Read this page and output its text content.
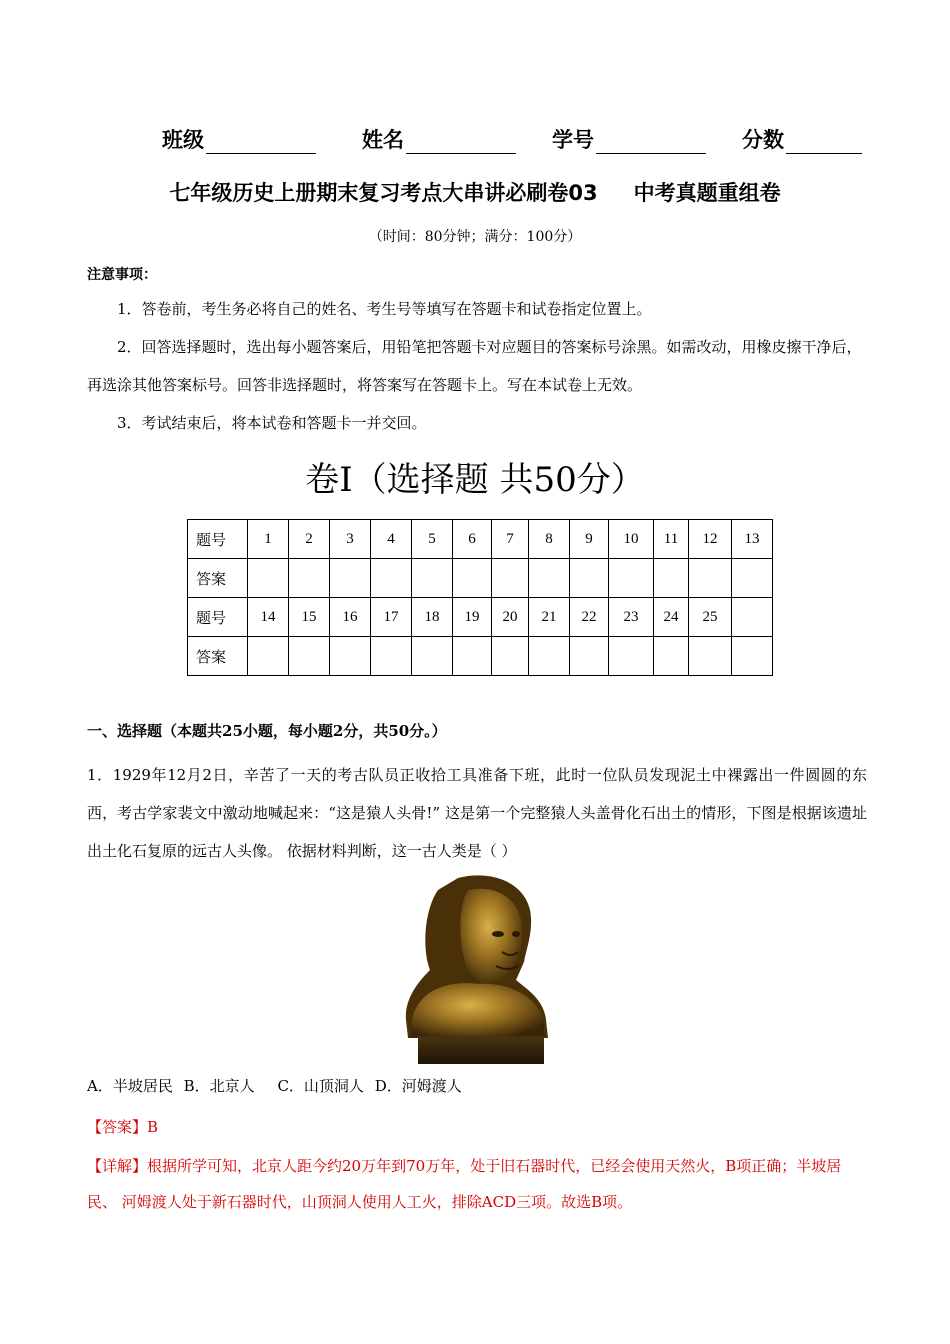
班级	姓名	学号	分数
七年级历史上册期末复习考点大串讲必刷卷03 中考真题重组卷
（时间：80分钟；满分：100分）
注意事项：
1．答卷前，考生务必将自己的姓名、考生号等填写在答题卡和试卷指定位置上。
2．回答选择题时，选出每小题答案后，用铅笔把答题卡对应题目的答案标号涂黑。如需改动，用橡皮擦干净后，再选涂其他答案标号。回答非选择题时，将答案写在答题卡上。写在本试卷上无效。
3．考试结束后，将本试卷和答题卡一并交回。
卷Ⅰ（选择题 共50分）
题号	1	2	3	4	5	6	7	8	9	10	11	12	13
答案													
题号	14	15	16	17	18	19	20	21	22	23	24	25	
答案													
一、选择题（本题共25小题，每小题2分，共50分。）
1．1929年12月2日，辛苦了一天的考古队员正收拾工具准备下班，此时一位队员发现泥土中裸露出一件圆圆的东西，考古学家裴文中激动地喊起来：“这是猿人头骨!” 这是第一个完整猿人头盖骨化石出土的情形，下图是根据该遗址出土化石复原的远古人头像。 依据材料判断，这一古人类是（ ）
A．半坡居民 B．北京人 C．山顶洞人 D．河姆渡人
【答案】B
【详解】根据所学可知，北京人距今约20万年到70万年，处于旧石器时代，已经会使用天然火，B项正确；半坡居民、 河姆渡人处于新石器时代，山顶洞人使用人工火，排除ACD三项。故选B项。
